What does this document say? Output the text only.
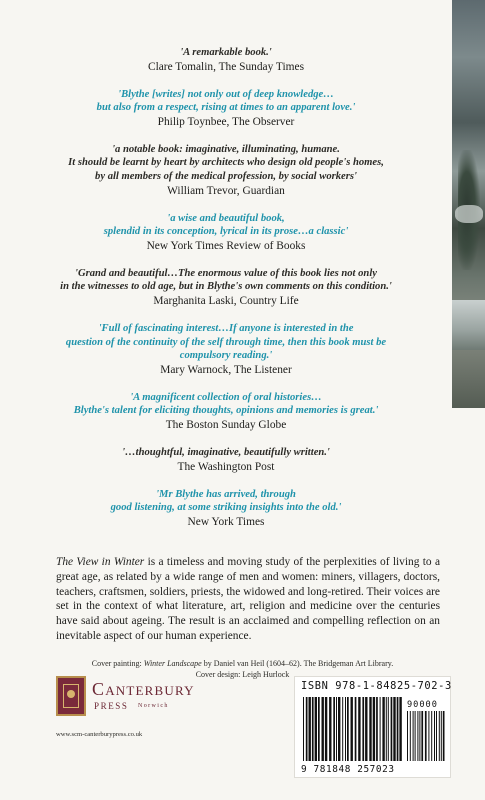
'A remarkable book.'
Clare Tomalin, The Sunday Times
'Blythe [writes] not only out of deep knowledge…
but also from a respect, rising at times to an apparent love.'
Philip Toynbee, The Observer
'a notable book: imaginative, illuminating, humane.
It should be learnt by heart by architects who design old people's homes,
by all members of the medical profession, by social workers'
William Trevor, Guardian
'a wise and beautiful book,
splendid in its conception, lyrical in its prose…a classic'
New York Times Review of Books
'Grand and beautiful…The enormous value of this book lies not only
in the witnesses to old age, but in Blythe's own comments on this condition.'
Marghanita Laski, Country Life
'Full of fascinating interest…If anyone is interested in the
question of the continuity of the self through time, then this book must be
compulsory reading.'
Mary Warnock, The Listener
'A magnificent collection of oral histories…
Blythe's talent for eliciting thoughts, opinions and memories is great.'
The Boston Sunday Globe
'…thoughtful, imaginative, beautifully written.'
The Washington Post
'Mr Blythe has arrived, through
good listening, at some striking insights into the old.'
New York Times
The View in Winter is a timeless and moving study of the perplexities of living to a great age, as related by a wide range of men and women: miners, villagers, doctors, teachers, craftsmen, soldiers, priests, the widowed and long-retired. Their voices are set in the context of what literature, art, religion and medicine over the centuries have said about ageing. The result is an acclaimed and compelling reflection on an inevitable aspect of our human experience.
Cover painting: Winter Landscape by Daniel van Heil (1604–62). The Bridgeman Art Library.
Cover design: Leigh Hurlock
Canterbury
PRESS Norwich
www.scm-canterburypress.co.uk
ISBN 978-1-84825-702-3
90000
9 781848 257023
